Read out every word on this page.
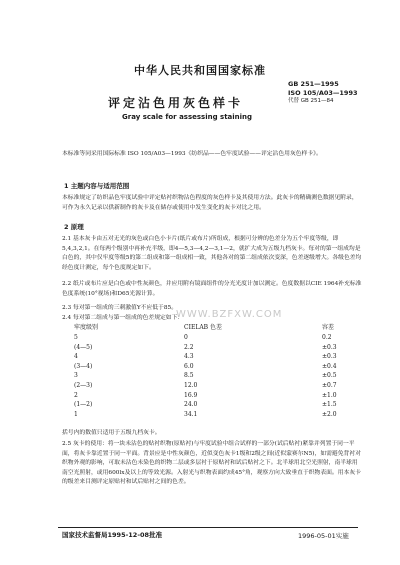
中华人民共和国国家标准
评定沾色用灰色样卡
Gray scale for assessing staining
GB 251—1995
ISO 105/A03—1993
代替 GB 251—84
本标准等同采用国际标准 ISO 105/A03—1993《纺织品——色牢度试验——评定沾色用灰色样卡》。
1 主题内容与适用范围
本标准规定了纺织品色牢度试验中评定贴衬织物沾色程度的灰色样卡及其使用方法。此灰卡的精确测色数据见附录，可作为永久记录以供新制作的灰卡及在储存或使用中发生变化的灰卡对比之用。
2 原理
2.1 基本灰卡由五对无光的灰色或白色小卡片(纸片或布片)所组成，根据可分辨的色差分为五个牢度等级，即5,4,3,2,1。在每两个级别中再补充半级，即4—5,3—4,2—3,1—2，就扩大成为五级九档灰卡。每对的第一组成均是白色的，其中仅牢度等级5的第二组成和第一组成相一致，其他各对的第二组成依次变深，色差逐级增大。各级色差均经色度计测定，每个色度规定如下。
2.2 纸片或布片应是白色或中性灰颜色，并应用附有镜面组件的分光光度计加以测定。色度数据以CIE 1964补充标准色度系统(10°视场)和D65光源计算。
2.3 每对第一组成的三刺激值Y不应低于85。
2.4 每对第二组成与第一组成的色差规定如下：
WWW.BZFXW.COM
牢度级别	CIELAB 色差	容差
5	0	0.2
(4—5)	2.2	±0.3
4	4.3	±0.3
(3—4)	6.0	±0.4
3	8.5	±0.5
(2—3)	12.0	±0.7
2	16.9	±1.0
(1—2)	24.0	±1.5
1	34.1	±2.0
括号内的数值只适用于五级九档灰卡。
2.5 灰卡的使用：将一块未沾色的贴衬织物(原贴衬)与牢度试验中组合试样的一部分(试后贴衬)紧靠并列置于同一平面，将灰卡靠近置于同一平面。背景应是中性灰颜色，近似变色灰卡1级和2级之间(近似蒙赛尔N5)，如需避免背衬对织物外观的影响，可取未沾色未染色的织物二层或多层衬于原贴衬和试后贴衬之下。北半球用北空光照射，南半球用南空光照射，或用600lx及以上的等效光源。入射光与织物表面约成45°角，观察方向大致垂直于织物表面。用本灰卡的级差来目测评定原贴衬和试后贴衬之间的色差。
国家技术监督局1995-12-08批准	1996-05-01实施
